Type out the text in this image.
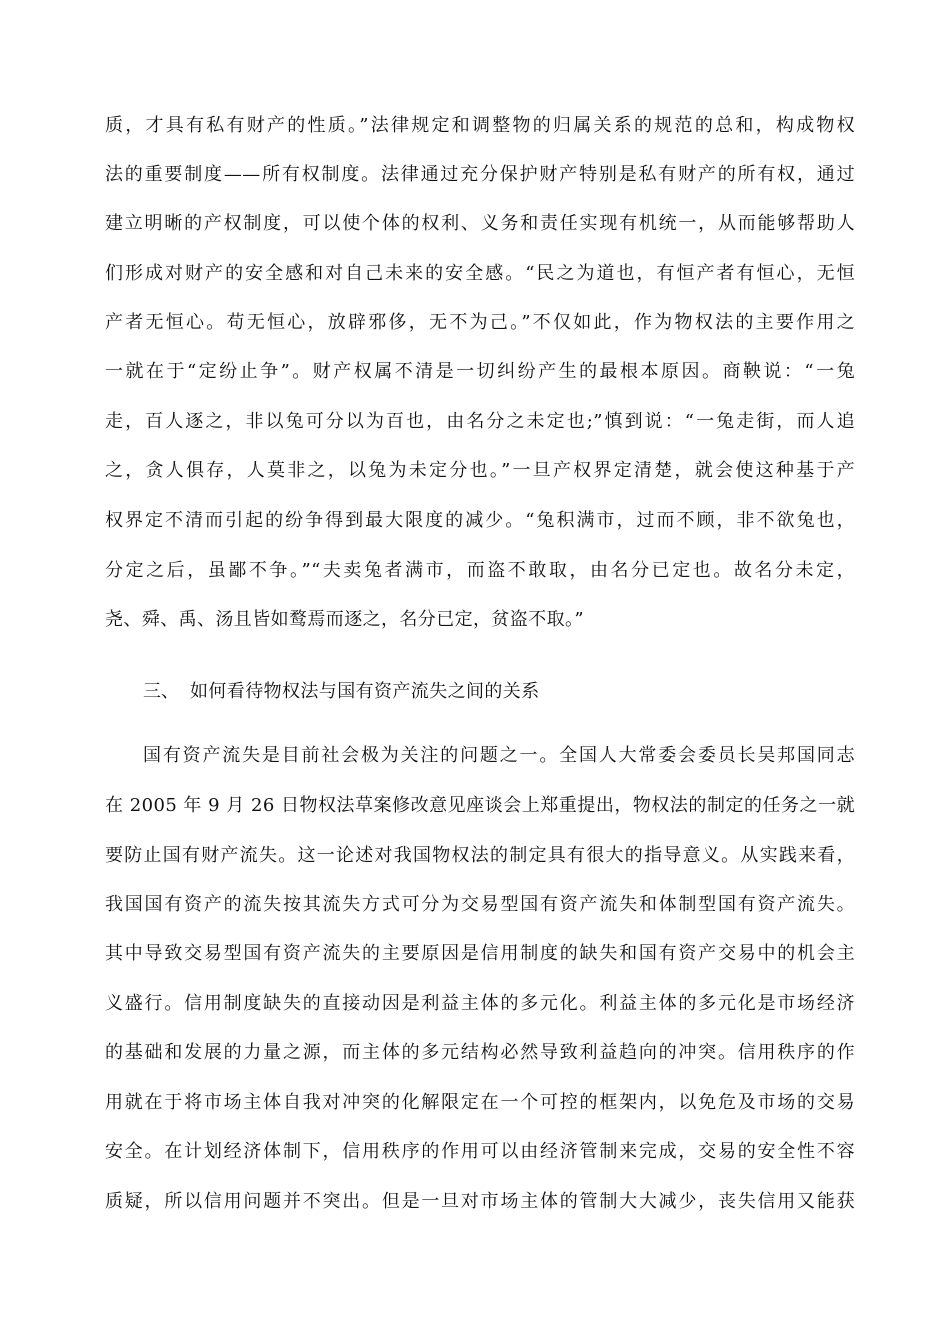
质，才具有私有财产的性质。”法律规定和调整物的归属关系的规范的总和，构成物权
法的重要制度——所有权制度。法律通过充分保护财产特别是私有财产的所有权，通过
建立明晰的产权制度，可以使个体的权利、义务和责任实现有机统一，从而能够帮助人
们形成对财产的安全感和对自己未来的安全感。“民之为道也，有恒产者有恒心，无恒
产者无恒心。苟无恒心，放辟邪侈，无不为己。”不仅如此，作为物权法的主要作用之
一就在于“定纷止争”。财产权属不清是一切纠纷产生的最根本原因。商鞅说：“一兔
走，百人逐之，非以兔可分以为百也，由名分之未定也;”慎到说：“一兔走街，而人追
之，贪人俱存，人莫非之，以兔为未定分也。”一旦产权界定清楚，就会使这种基于产
权界定不清而引起的纷争得到最大限度的减少。“兔积满市，过而不顾，非不欲兔也，
分定之后，虽鄙不争。”“夫卖兔者满市，而盗不敢取，由名分已定也。故名分未定，
尧、舜、禹、汤且皆如鹜焉而逐之，名分已定，贫盗不取。”
三、 如何看待物权法与国有资产流失之间的关系
国有资产流失是目前社会极为关注的问题之一。全国人大常委会委员长吴邦国同志
在 2005 年 9 月 26 日物权法草案修改意见座谈会上郑重提出，物权法的制定的任务之一就
要防止国有财产流失。这一论述对我国物权法的制定具有很大的指导意义。从实践来看，
我国国有资产的流失按其流失方式可分为交易型国有资产流失和体制型国有资产流失。
其中导致交易型国有资产流失的主要原因是信用制度的缺失和国有资产交易中的机会主
义盛行。信用制度缺失的直接动因是利益主体的多元化。利益主体的多元化是市场经济
的基础和发展的力量之源，而主体的多元结构必然导致利益趋向的冲突。信用秩序的作
用就在于将市场主体自我对冲突的化解限定在一个可控的框架内，以免危及市场的交易
安全。在计划经济体制下，信用秩序的作用可以由经济管制来完成，交易的安全性不容
质疑，所以信用问题并不突出。但是一旦对市场主体的管制大大减少，丧失信用又能获
